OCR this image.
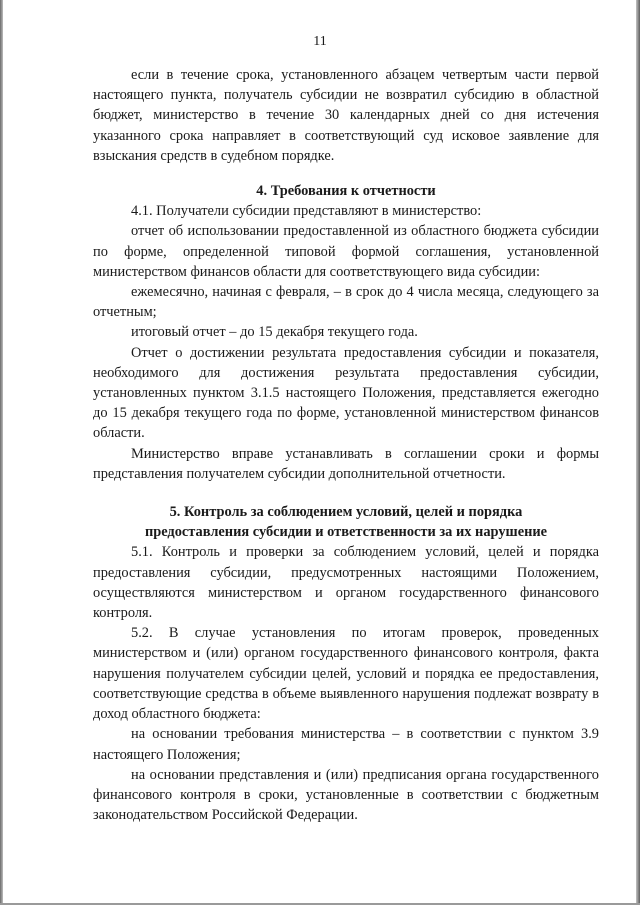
11

если в течение срока, установленного абзацем четвертым части первой настоящего пункта, получатель субсидии не возвратил субсидию в областной бюджет, министерство в течение 30 календарных дней со дня истечения указанного срока направляет в соответствующий суд исковое заявление для взыскания средств в судебном порядке.

4. Требования к отчетности

4.1. Получатели субсидии представляют в министерство:

отчет об использовании предоставленной из областного бюджета субсидии по форме, определенной типовой формой соглашения, установленной министерством финансов области для соответствующего вида субсидии:

ежемесячно, начиная с февраля, – в срок до 4 числа месяца, следующего за отчетным;

итоговый отчет – до 15 декабря текущего года.

Отчет о достижении результата предоставления субсидии и показателя, необходимого для достижения результата предоставления субсидии, установленных пунктом 3.1.5 настоящего Положения, представляется ежегодно до 15 декабря текущего года по форме, установленной министерством финансов области.

Министерство вправе устанавливать в соглашении сроки и формы представления получателем субсидии дополнительной отчетности.

5. Контроль за соблюдением условий, целей и порядка
предоставления субсидии и ответственности за их нарушение

5.1. Контроль и проверки за соблюдением условий, целей и порядка предоставления субсидии, предусмотренных настоящими Положением, осуществляются министерством и органом государственного финансового контроля.

5.2. В случае установления по итогам проверок, проведенных министерством и (или) органом государственного финансового контроля, факта нарушения получателем субсидии целей, условий и порядка ее предоставления, соответствующие средства в объеме выявленного нарушения подлежат возврату в доход областного бюджета:

на основании требования министерства – в соответствии с пунктом 3.9 настоящего Положения;

на основании представления и (или) предписания органа государственного финансового контроля в сроки, установленные в соответствии с бюджетным законодательством Российской Федерации.
